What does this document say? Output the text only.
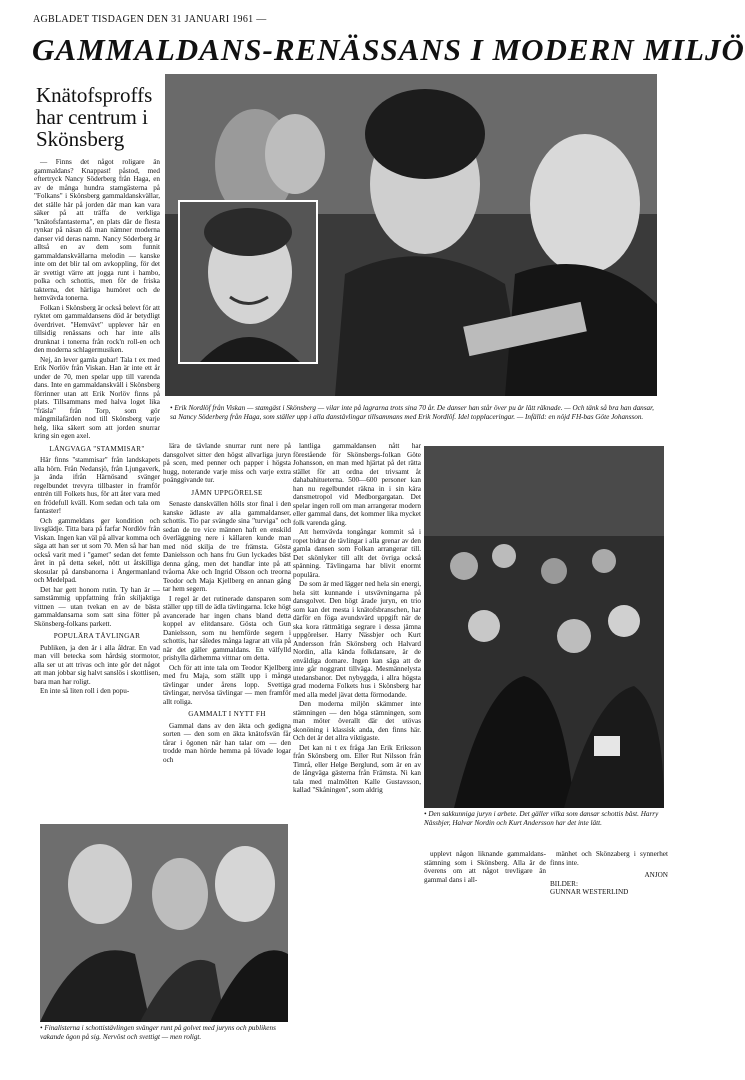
AGBLADET TISDAGEN DEN 31 JANUARI 1961 —
GAMMALDANS-RENÄSSANS I MODERN MILJÖ
Knätofsproffs har centrum i Skönsberg
• Erik Nordlöf från Viskan — stamgäst i Skönsberg — vilar inte på lagrarna trots sina 70 år. De danser han står över pu är lätt räknade. — Och tänk så bra han dansar, sa Nancy Söderberg från Haga, som ställer upp i alla danstävlingar tillsammans med Erik Nordlöf. Idel topplaceringar. — Infälld: en nöjd FH-bas Göte Johansson.

— Finns det något roligare än gammaldans? Knappast! påstod, med eftertryck Nancy Söderberg från Haga, en av de många hundra stamgästerna på "Folkans" i Skönsberg gammaldanskvällar, det ställe här på jorden där man kan vara säker på att träffa de verkliga "knätofsfantasterna", en plats där de flesta rynkar på näsan då man nämner moderna danser vid deras namn. Nancy Söderberg är alltså en av dem som funnit gammaldanskvällarna melodin — kanske inte om det blir tal om avkoppling, för det är svettigt värre att jogga runt i hambo, polka och schottis, men för de friska takterna, det härliga humöret och de hemvävda tonerna.

Folkan i Skönsberg är också belevt för att ryktet om gammaldansens död är betydligt överdrivet. "Hemvävt" upplever här en tillsidig renässans och har inte alls drunknat i tonerna från rock'n roll-en och den moderna schlagermusiken.

Nej, än lever gamla gubar! Tala t ex med Erik Norlöv från Viskan. Han är inte ett år under de 70, men spelar upp till varenda dans. Inte en gammaldanskväll i Skönsberg förrinner utan att Erik Norlöv finns på plats. Tillsammans med halva loget lika "fräsla" från Torp, som gör mångmilafärden nod till Skönsberg varje helg, lika säkert som att jorden snurrar kring sin egen axel.

LÅNGVAGA "STAMMISAR"

Här finns "stammisar" från landskapets alla hörn. Från Nedansjö, från Ljungaverk, ja ända ifrån Härnösand svänger regelbundet trevyra tillbaster in framför entrén till Folkets hus, för att åter vara med en frödefull kväll. Kom sedan och tala om fantaster!

Och gammeldans ger kondition och livsglädje. Titta bara på farfar Nordlöv från Viskan. Ingen kan väl på allvar komma och säga att han ser ut som 70. Men så har han också varit med i "gamet" sedan det femte året in på detta sekel, nött ut åtskilliga skosular på dansbanorna i Ångermanland och Medelpad.

Det har gett honom rutin. Ty han är — samstämmig uppfattning från skiljaktiga vittnen — utan tvekan en av de bästa gammaldansarna som satt sina fötter på Skönsberg-folkans parkett.

POPULÄRA TÄVLINGAR

Publiken, ja den är i alla åldrar. En vad man vill betecka som hårdsig stormotor, alla ser ut att trivas och inte gör det något att man jobbar sig halvt sanslös i skottlisen, bara man har roligt.

En inte så liten roll i den popu-

lära de tävlande snurrar runt nere på dansgolvet sitter den högst allvarliga juryn på scen, med penner och papper i högsta hugg, noterande varje miss och varje extra poänggivande tur.

JÄMN UPPGÖRELSE

Senaste danskvällen hölls stor final i den kanske ädlaste av alla gammaldanser, schottis. Tio par svängde sina "turviga" och sedan de tre vice männen haft en enskild överläggning nere i källaren kunde man med nöd skilja de tre främsta. Gösta Danielsson och hans fru Gun lyckades bäst denna gång, men det handlar inte på att tvåorna Ake och Ingrid Olsson och treorna Teodor och Maja Kjellberg en annan gång tar hem segern.

I regel är det rutinerade dansparen som ställer upp till de ädla tävlingarna. Icke högt avancerade har ingen chans bland detta koppel av elitdansare. Gösta och Gun Danielsson, som nu hemförde segern i schottis, har således många lagrar att vila på när det gäller gammaldans. En välfylld prishylla därhemma vittnar om detta.

Och för att inte tala om Teodor Kjellberg med fru Maja, som ställt upp i många tävlingar under årens lopp. Svettiga tävlingar, nervösa tävlingar — men framför allt roliga.

GAMMALT I NYTT FH

Gammal dans av den äkta och gedigna sorten — den som en äkta knätofsvän får tårar i ögonen när han talar om — den trodde man hörde hemma på lövade logar och

lantliga gammaldansen nått har förestående för Skönsbergs-folkan Göte Johansson, en man med hjärtat på det rätta stället för att ordna det trivsamt åt dahabahitueterna. 500—600 personer kan han nu regelbundet räkna in i sin kära dansmetropol vid Medborgargatan. Det spelar ingen roll om man arrangerar modern eller gammal dans, det kommer lika mycket folk varenda gång.

Att hemvävda tongångar kommit så i ropet bidrar de tävlingar i alla grenar av den gamla dansen som Folkan arrangerar till. Det skönlyker till allt det övriga också spänning. Tävlingarna har blivit enormt populära.

De som är med lägger ned hela sin energi, hela sitt kunnande i utsvävningarna på dansgolvet. Den högt ärade juryn, en trio som kan det mesta i knätofsbranschen, har därför en föga avundsvärd uppgift när de ska kora rättmätiga segrare i dessa jämna uppgörelser. Harry Nässbjer och Kurt Andersson från Skönsberg och Halvard Nordin, alla kända folkdansare, är de envåldiga domare. Ingen kan säga att de inte går noggrant tillväga. Mesmännelysta utedansbanor. Det nybyggda, i allra högsta grad moderna Folkets hus i Skönsberg har med alla medel jävat detta förmodande.

Den moderna miljön skämmer inte stämningen — den höga stämningen, som man möter överallt där det utövas skonöning i klassisk anda, den finns här. Och det är det allra viktigaste.

Det kan ni t ex fråga Jan Erik Eriksson från Skönsberg om. Eller Rut Nilsson från Timrå, eller Helge Berglund, som är en av de långväga gästerna från Främsta. Ni kan tala med malmölten Kalle Gustavsson, kallad "Skåningen", som aldrig

• Den sakkunniga juryn i arbete. Det gäller vilka som dansar schottis bäst. Harry Nässbjer, Halvar Nordin och Kurt Andersson har det inte lätt.

upplevt någon liknande gammaldans-stämning som i Skönsberg. Alla är de överens om att något trevligare än gammal dans i all-

mänhet och Skönzaberg i synnerhet finns inte.

ANJON
BILDER:
GUNNAR WESTERLIND
• Finalisterna i schottistävlingen svänger runt på golvet med juryns och publikens vakande ögon på sig. Nervöst och svettigt — men roligt.
